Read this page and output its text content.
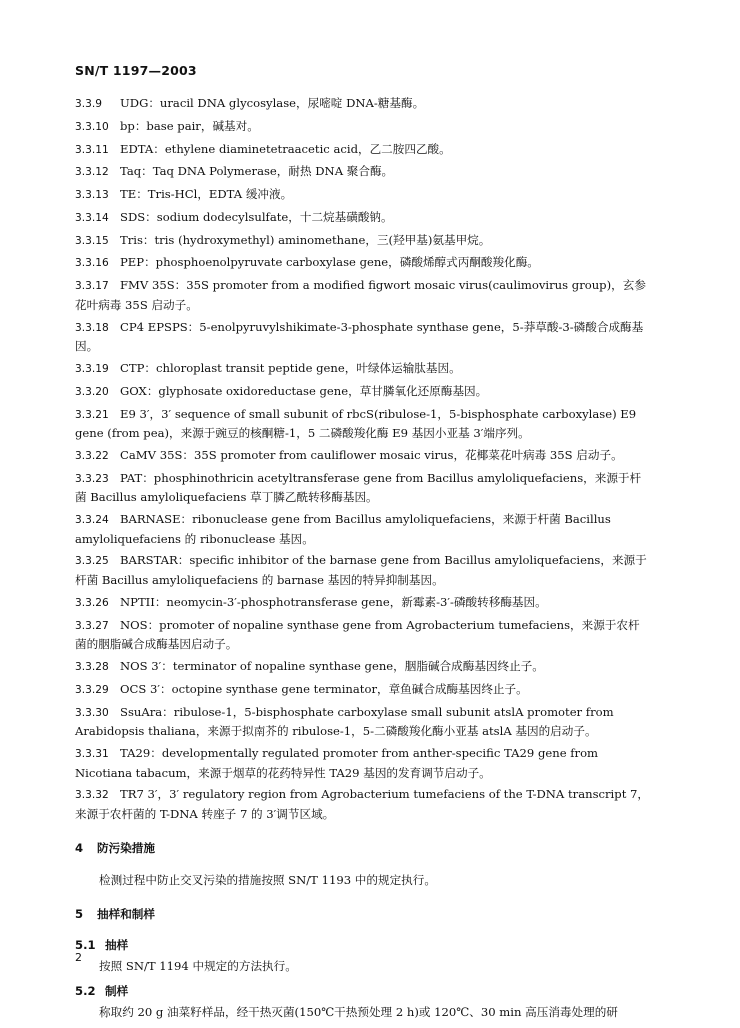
SN/T 1197—2003
3.3.9 UDG：uracil DNA glycosylase，尿嘧啶 DNA-糖基酶。
3.3.10 bp：base pair，碱基对。
3.3.11 EDTA：ethylene diaminetetraacetic acid，乙二胺四乙酸。
3.3.12 Taq：Taq DNA Polymerase，耐热 DNA 聚合酶。
3.3.13 TE：Tris-HCl，EDTA 缓冲液。
3.3.14 SDS：sodium dodecylsulfate，十二烷基磺酸钠。
3.3.15 Tris：tris (hydroxymethyl) aminomethane，三(羟甲基)氨基甲烷。
3.3.16 PEP：phosphoenolpyruvate carboxylase gene，磷酸烯醇式丙酮酸羧化酶。
3.3.17 FMV 35S：35S promoter from a modified figwort mosaic virus(caulimovirus group)，玄参花叶病毒 35S 启动子。
3.3.18 CP4 EPSPS：5-enolpyruvylshikimate-3-phosphate synthase gene，5-莽草酸-3-磷酸合成酶基因。
3.3.19 CTP：chloroplast transit peptide gene，叶绿体运输肽基因。
3.3.20 GOX：glyphosate oxidoreductase gene，草甘膦氧化还原酶基因。
3.3.21 E9 3′，3′ sequence of small subunit of rbcS(ribulose-1，5-bisphosphate carboxylase) E9 gene (from pea)，来源于豌豆的核酮糖-1，5 二磷酸羧化酶 E9 基因小亚基 3′端序列。
3.3.22 CaMV 35S：35S promoter from cauliflower mosaic virus，花椰菜花叶病毒 35S 启动子。
3.3.23 PAT：phosphinothricin acetyltransferase gene from Bacillus amyloliquefaciens，来源于杆菌 Bacillus amyloliquefaciens 草丁膦乙酰转移酶基因。
3.3.24 BARNASE：ribonuclease gene from Bacillus amyloliquefaciens，来源于杆菌 Bacillus amyloliquefaciens 的 ribonuclease 基因。
3.3.25 BARSTAR：specific inhibitor of the barnase gene from Bacillus amyloliquefaciens，来源于杆菌 Bacillus amyloliquefaciens 的 barnase 基因的特异抑制基因。
3.3.26 NPTII：neomycin-3′-phosphotransferase gene，新霉素-3′-磷酸转移酶基因。
3.3.27 NOS：promoter of nopaline synthase gene from Agrobacterium tumefaciens，来源于农杆菌的胭脂碱合成酶基因启动子。
3.3.28 NOS 3′：terminator of nopaline synthase gene，胭脂碱合成酶基因终止子。
3.3.29 OCS 3′：octopine synthase gene terminator，章鱼碱合成酶基因终止子。
3.3.30 SsuAra：ribulose-1，5-bisphosphate carboxylase small subunit atslA promoter from Arabidopsis thaliana，来源于拟南芥的 ribulose-1，5-二磷酸羧化酶小亚基 atslA 基因的启动子。
3.3.31 TA29：developmentally regulated promoter from anther-specific TA29 gene from Nicotiana tabacum，来源于烟草的花药特异性 TA29 基因的发育调节启动子。
3.3.32 TR7 3′，3′ regulatory region from Agrobacterium tumefaciens of the T-DNA transcript 7，来源于农杆菌的 T-DNA 转座子 7 的 3′调节区域。
4 防污染措施

检测过程中防止交叉污染的措施按照 SN/T 1193 中的规定执行。

5 抽样和制样
5.1 抽样

按照 SN/T 1194 中规定的方法执行。

5.2 制样

称取约 20 g 油菜籽样品，经干热灭菌(150℃干热预处理 2 h)或 120℃、30 min 高压消毒处理的研

2
